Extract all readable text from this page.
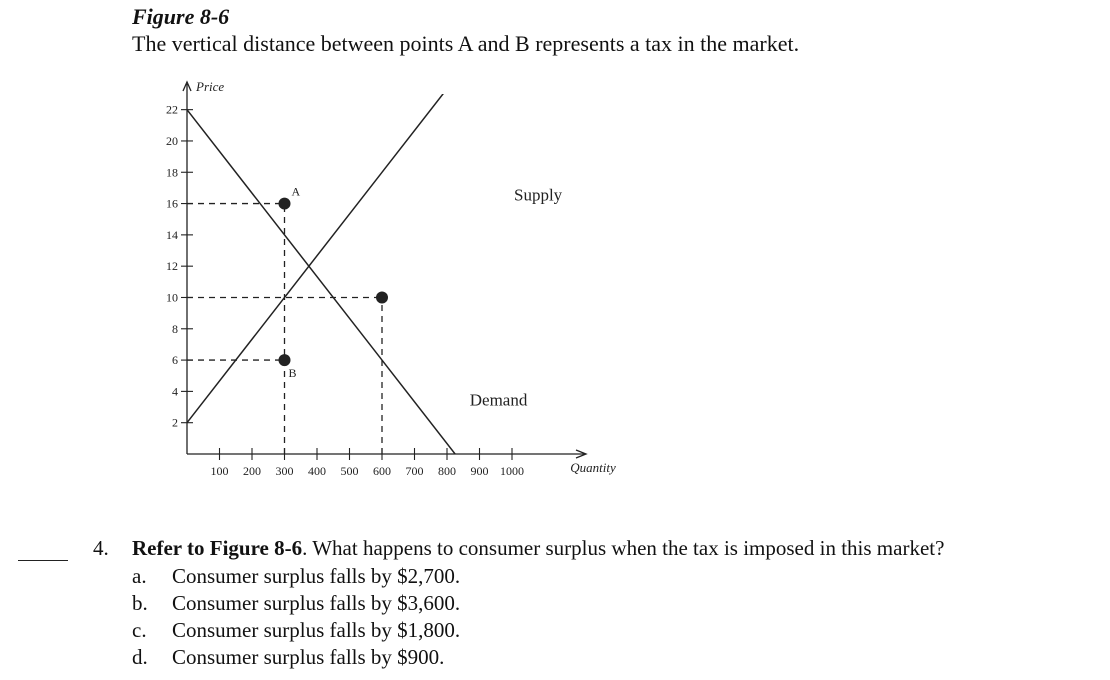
Figure 8-6
The vertical distance between points A and B represents a tax in the market.
2
4
6
8
10
12
14
16
18
20
22
100 200 300 400 500 600 700 800 900 1000
Price
Quantity
Supply
Demand
A
B
4. Refer to Figure 8-6. What happens to consumer surplus when the tax is imposed in this market?
a. Consumer surplus falls by $2,700.
b. Consumer surplus falls by $3,600.
c. Consumer surplus falls by $1,800.
d. Consumer surplus falls by $900.
